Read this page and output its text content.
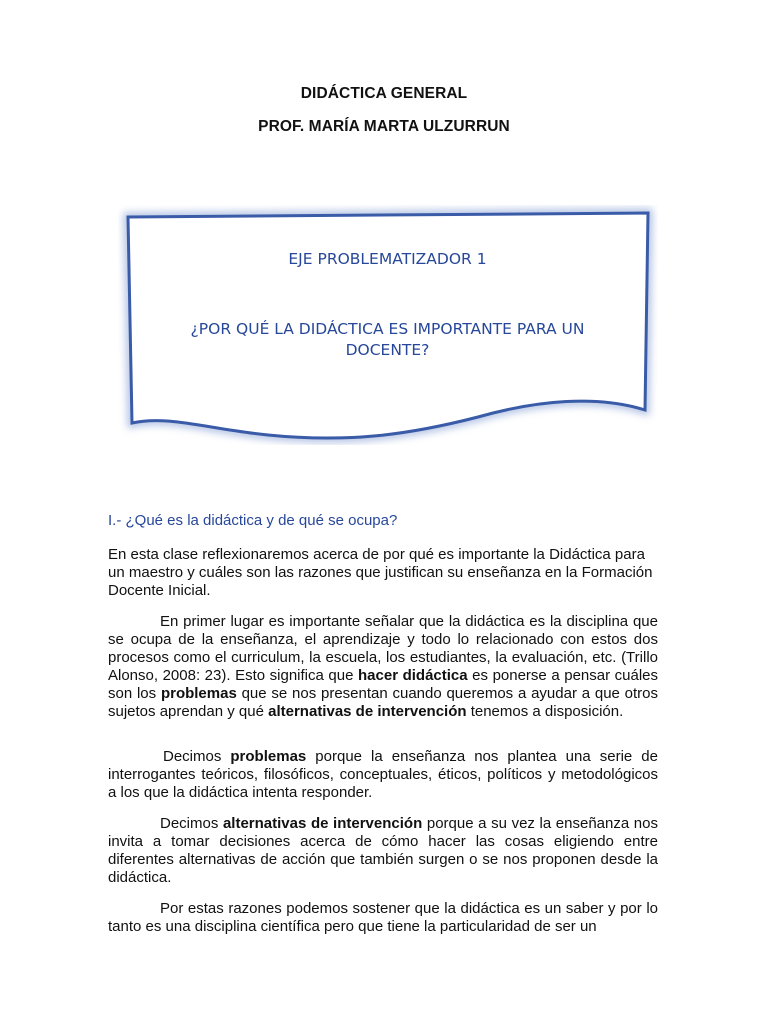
DIDÁCTICA GENERAL
PROF. MARÍA MARTA ULZURRUN
EJE PROBLEMATIZADOR 1
¿POR QUÉ LA DIDÁCTICA ES IMPORTANTE PARA UN
DOCENTE?
I.- ¿Qué es la didáctica y de qué se ocupa?

En esta clase reflexionaremos acerca de por qué es importante la Didáctica para un maestro y cuáles son las razones que justifican su enseñanza en la Formación Docente Inicial.

En primer lugar es importante señalar que la didáctica es la disciplina que se ocupa de la enseñanza, el aprendizaje y todo lo relacionado con estos dos procesos como el curriculum, la escuela, los estudiantes, la evaluación, etc. (Trillo Alonso, 2008: 23). Esto significa que hacer didáctica es ponerse a pensar cuáles son los problemas que se nos presentan cuando queremos a ayudar a que otros sujetos aprendan y qué alternativas de intervención tenemos a disposición.

Decimos problemas porque la enseñanza nos plantea una serie de interrogantes teóricos, filosóficos, conceptuales, éticos, políticos y metodológicos a los que la didáctica intenta responder.

Decimos alternativas de intervención porque a su vez la enseñanza nos invita a tomar decisiones acerca de cómo hacer las cosas eligiendo entre diferentes alternativas de acción que también surgen o se nos proponen desde la didáctica.

Por estas razones podemos sostener que la didáctica es un saber y por lo tanto es una disciplina científica pero que tiene la particularidad de ser un
